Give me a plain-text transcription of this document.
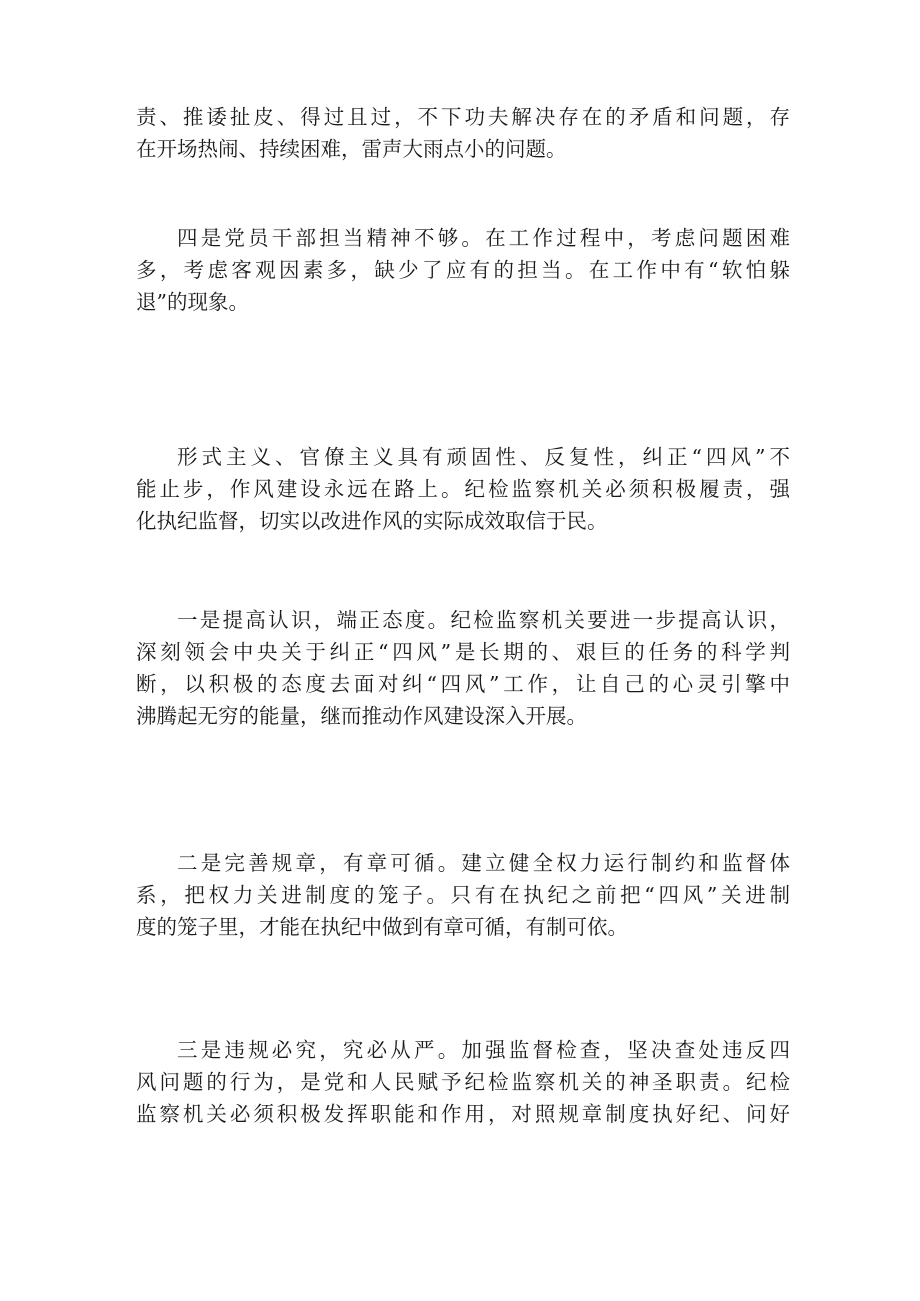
责、推诿扯皮、得过且过，不下功夫解决存在的矛盾和问题，存
在开场热闹、持续困难，雷声大雨点小的问题。

四是党员干部担当精神不够。在工作过程中，考虑问题困难
多，考虑客观因素多，缺少了应有的担当。在工作中有“软怕躲
退”的现象。

形式主义、官僚主义具有顽固性、反复性，纠正“四风”不
能止步，作风建设永远在路上。纪检监察机关必须积极履责，强
化执纪监督，切实以改进作风的实际成效取信于民。

一是提高认识，端正态度。纪检监察机关要进一步提高认识，
深刻领会中央关于纠正“四风”是长期的、艰巨的任务的科学判
断，以积极的态度去面对纠“四风”工作，让自己的心灵引擎中
沸腾起无穷的能量，继而推动作风建设深入开展。

二是完善规章，有章可循。建立健全权力运行制约和监督体
系，把权力关进制度的笼子。只有在执纪之前把“四风”关进制
度的笼子里，才能在执纪中做到有章可循，有制可依。

三是违规必究，究必从严。加强监督检查，坚决查处违反四
风问题的行为，是党和人民赋予纪检监察机关的神圣职责。纪检
监察机关必须积极发挥职能和作用，对照规章制度执好纪、问好
